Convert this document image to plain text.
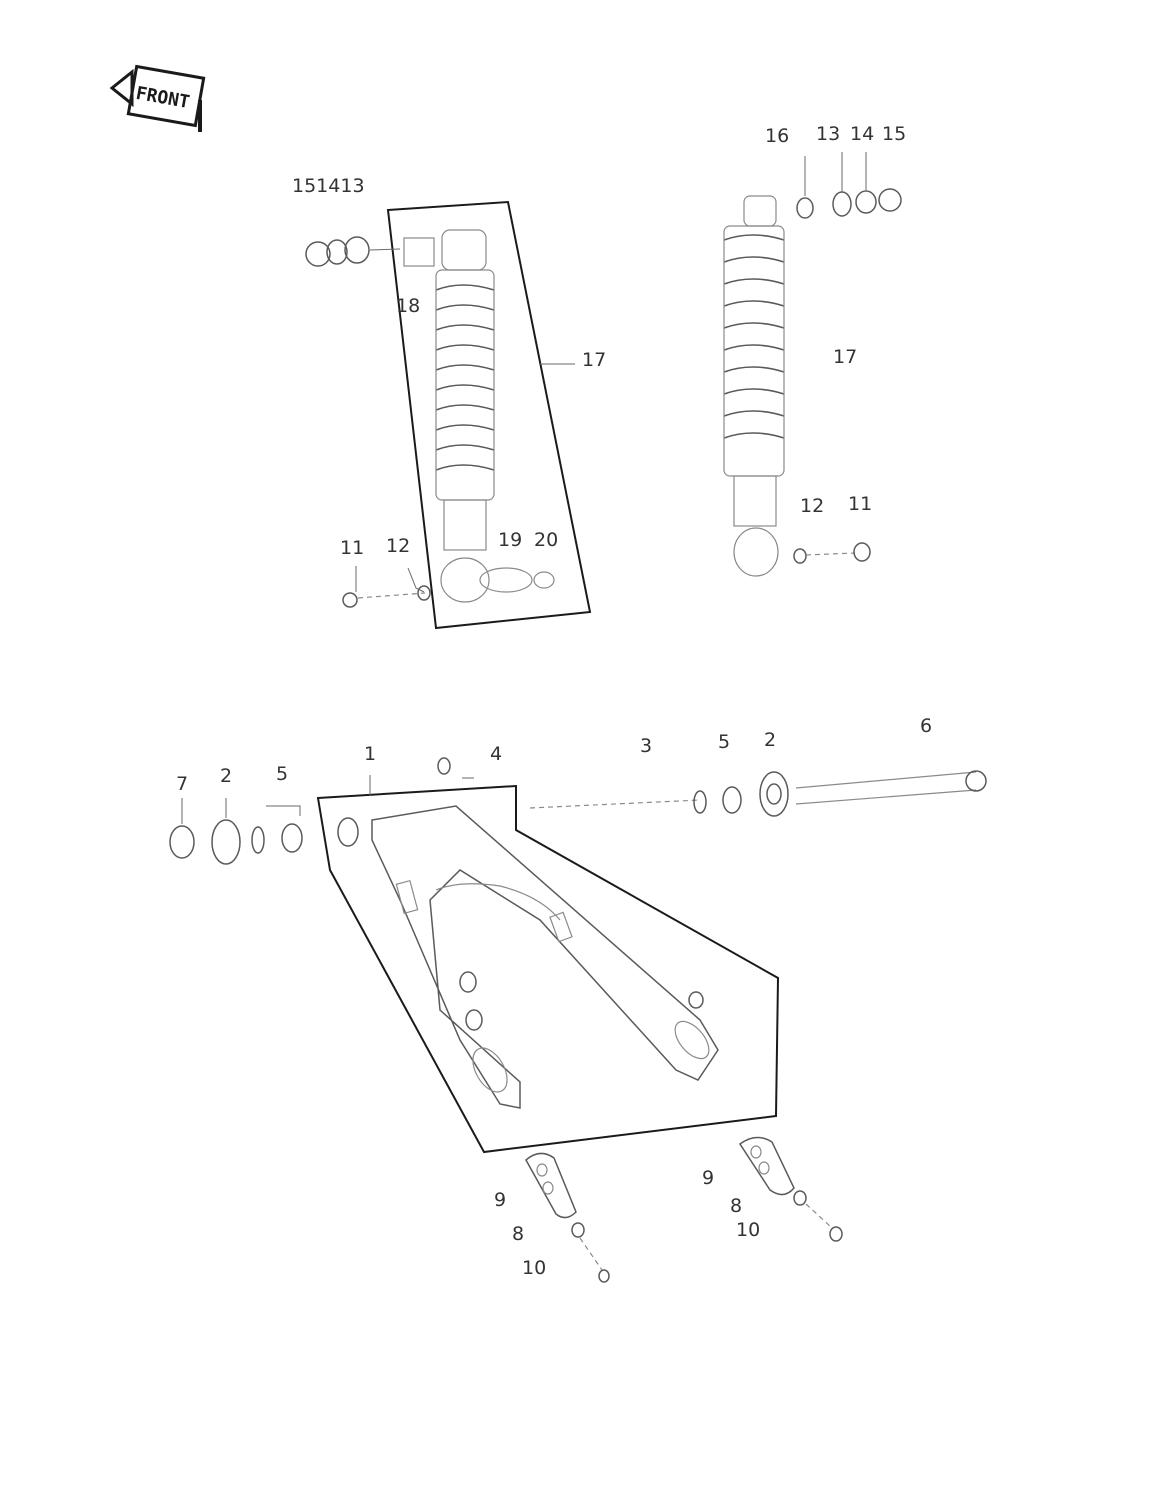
FRONT
151413
16 13 14 15
18
17	17
12 11
11 12	19 20
1	4	3	5 2
6
7 2 5
9
8
10
9
8
10
